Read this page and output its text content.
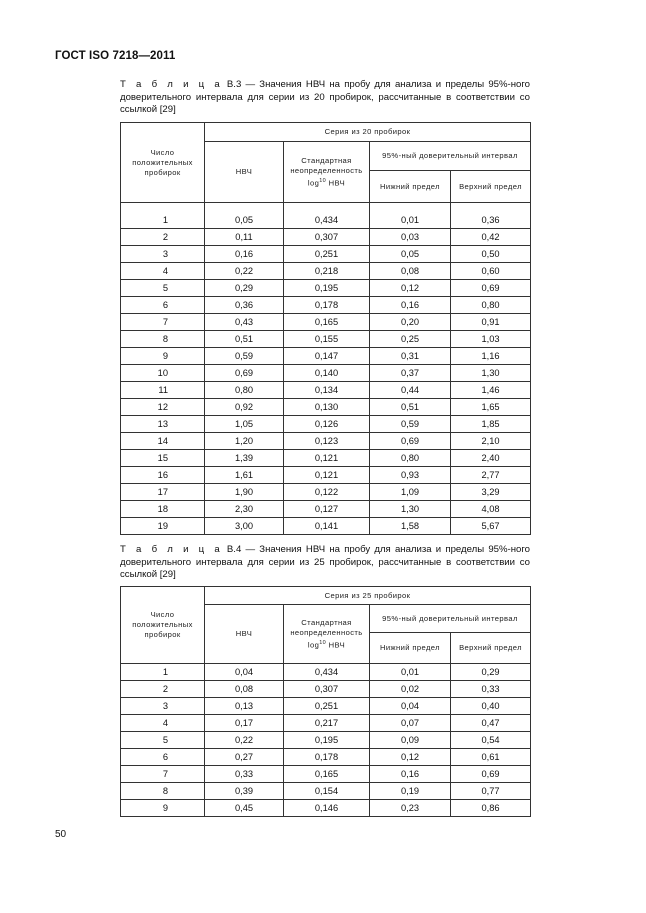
ГОСТ ISO 7218—2011
Т а б л и ц а В.3 — Значения НВЧ на пробу для анализа и пределы 95%-ного доверительного интервала для серии из 20 пробирок, рассчитанные в соответствии со ссылкой [29]
Число положительных пробирок	Серия из 20 пробирок			
	НВЧ	Стандартная неопределенность $\log^{10}$ НВЧ	95%-ный доверительный интервал	
			Нижний предел	Верхний предел

1	0,05	0,434	0,01	0,36
2	0,11	0,307	0,03	0,42
3	0,16	0,251	0,05	0,50
4	0,22	0,218	0,08	0,60
5	0,29	0,195	0,12	0,69
6	0,36	0,178	0,16	0,80
7	0,43	0,165	0,20	0,91
8	0,51	0,155	0,25	1,03
9	0,59	0,147	0,31	1,16
10	0,69	0,140	0,37	1,30
11	0,80	0,134	0,44	1,46
12	0,92	0,130	0,51	1,65
13	1,05	0,126	0,59	1,85
14	1,20	0,123	0,69	2,10
15	1,39	0,121	0,80	2,40
16	1,61	0,121	0,93	2,77
17	1,90	0,122	1,09	3,29
18	2,30	0,127	1,30	4,08
19	3,00	0,141	1,58	5,67
Т а б л и ц а В.4 — Значения НВЧ на пробу для анализа и пределы 95%-ного доверительного интервала для серии из 25 пробирок, рассчитанные в соответствии со ссылкой [29]
Число положительных пробирок	Серия из 25 пробирок			
	НВЧ	Стандартная неопределенность $\log^{10}$ НВЧ	95%-ный доверительный интервал	
			Нижний предел	Верхний предел
1	0,04	0,434	0,01	0,29
2	0,08	0,307	0,02	0,33
3	0,13	0,251	0,04	0,40
4	0,17	0,217	0,07	0,47
5	0,22	0,195	0,09	0,54
6	0,27	0,178	0,12	0,61
7	0,33	0,165	0,16	0,69
8	0,39	0,154	0,19	0,77
9	0,45	0,146	0,23	0,86
50
